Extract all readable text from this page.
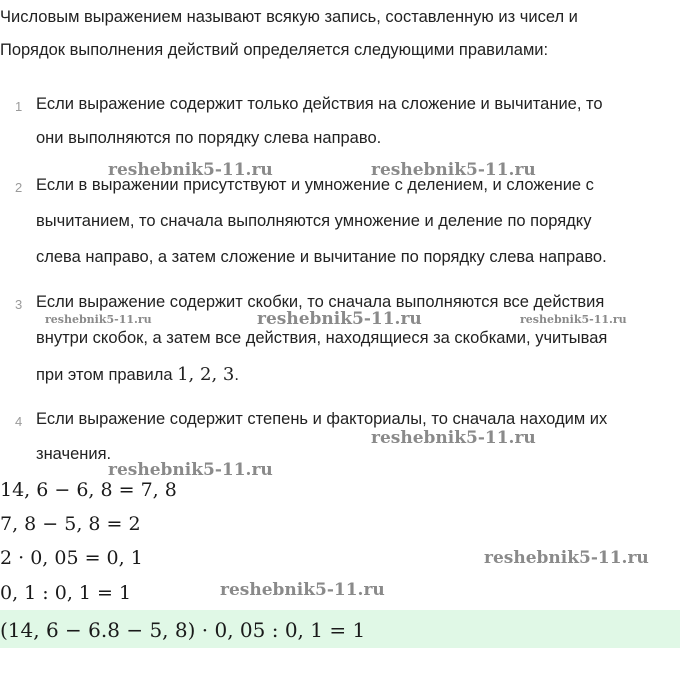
Числовым выражением называют всякую запись, составленную из чисел и
Порядок выполнения действий определяется следующими правилами:
1 Если выражение содержит только действия на сложение и вычитание, то
они выполняются по порядку слева направо.
2 Если в выражении присутствуют и умножение с делением, и сложение с
вычитанием, то сначала выполняются умножение и деление по порядку
слева направо, а затем сложение и вычитание по порядку слева направо.
3 Если выражение содержит скобки, то сначала выполняются все действия
внутри скобок, а затем все действия, находящиеся за скобками, учитывая
при этом правила 1, 2, 3.
4 Если выражение содержит степень и факториалы, то сначала находим их
значения.
14, 6 − 6, 8 = 7, 8
7, 8 − 5, 8 = 2
2 · 0, 05 = 0, 1
0, 1 : 0, 1 = 1
(14, 6 − 6.8 − 5, 8) · 0, 05 : 0, 1 = 1
reshebnik5-11.ru	reshebnik5-11.ru
reshebnik5-11.ru	reshebnik5-11.ru	reshebnik5-11.ru
reshebnik5-11.ru
reshebnik5-11.ru
reshebnik5-11.ru
reshebnik5-11.ru
